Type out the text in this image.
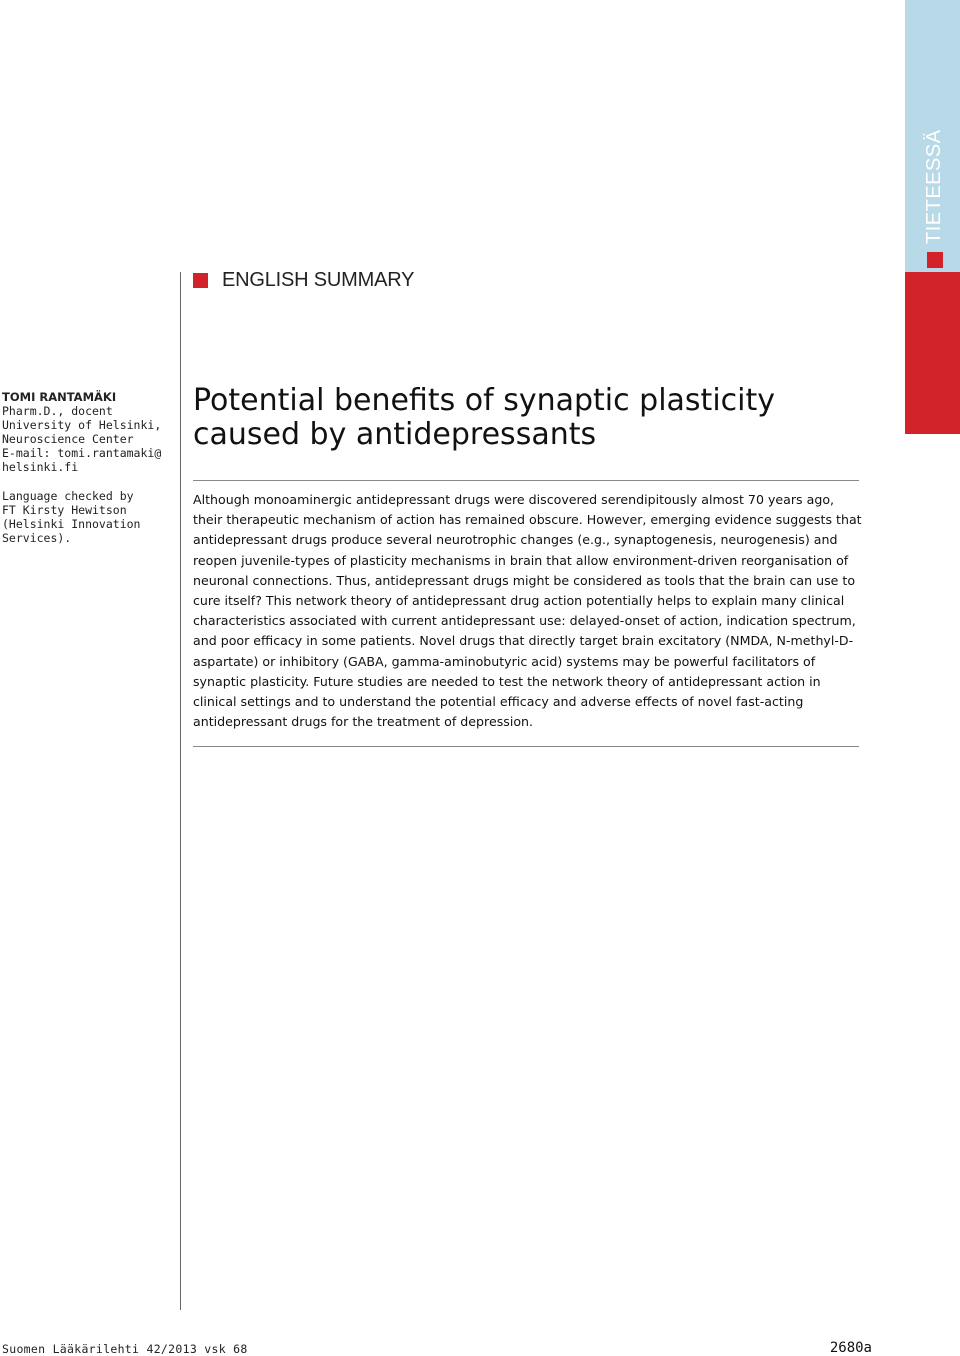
TIETEESSÄ
ENGLISH SUMMARY
TOMI RANTAMÄKI
Pharm.D., docent
University of Helsinki,
Neuroscience Center
E-mail: tomi.rantamaki@
helsinki.fi
Language checked by
FT Kirsty Hewitson
(Helsinki Innovation Services).
Potential benefits of synaptic plasticity caused by antidepressants

Although monoaminergic antidepressant drugs were discovered serendipitously almost 70 years ago, their therapeutic mechanism of action has remained obscure. However, emerging evidence suggests that antidepressant drugs produce several neurotrophic changes (e.g., synaptogenesis, neurogenesis) and reopen juvenile-types of plasticity mechanisms in brain that allow environment-driven reorganisation of neuronal connections. Thus, antidepressant drugs might be considered as tools that the brain can use to cure itself? This network theory of antidepressant drug action potentially helps to explain many clinical characteristics associated with current antidepressant use: delayed-onset of action, indication spectrum, and poor efficacy in some patients. Novel drugs that directly target brain excitatory (NMDA, N-methyl-D-aspartate) or inhibitory (GABA, gamma-aminobutyric acid) systems may be powerful facilitators of synaptic plasticity. Future studies are needed to test the network theory of antidepressant action in clinical settings and to understand the potential efficacy and adverse effects of novel fast-acting antidepressant drugs for the treatment of depression.

Suomen Lääkärilehti 42/2013 vsk 68	2680a
